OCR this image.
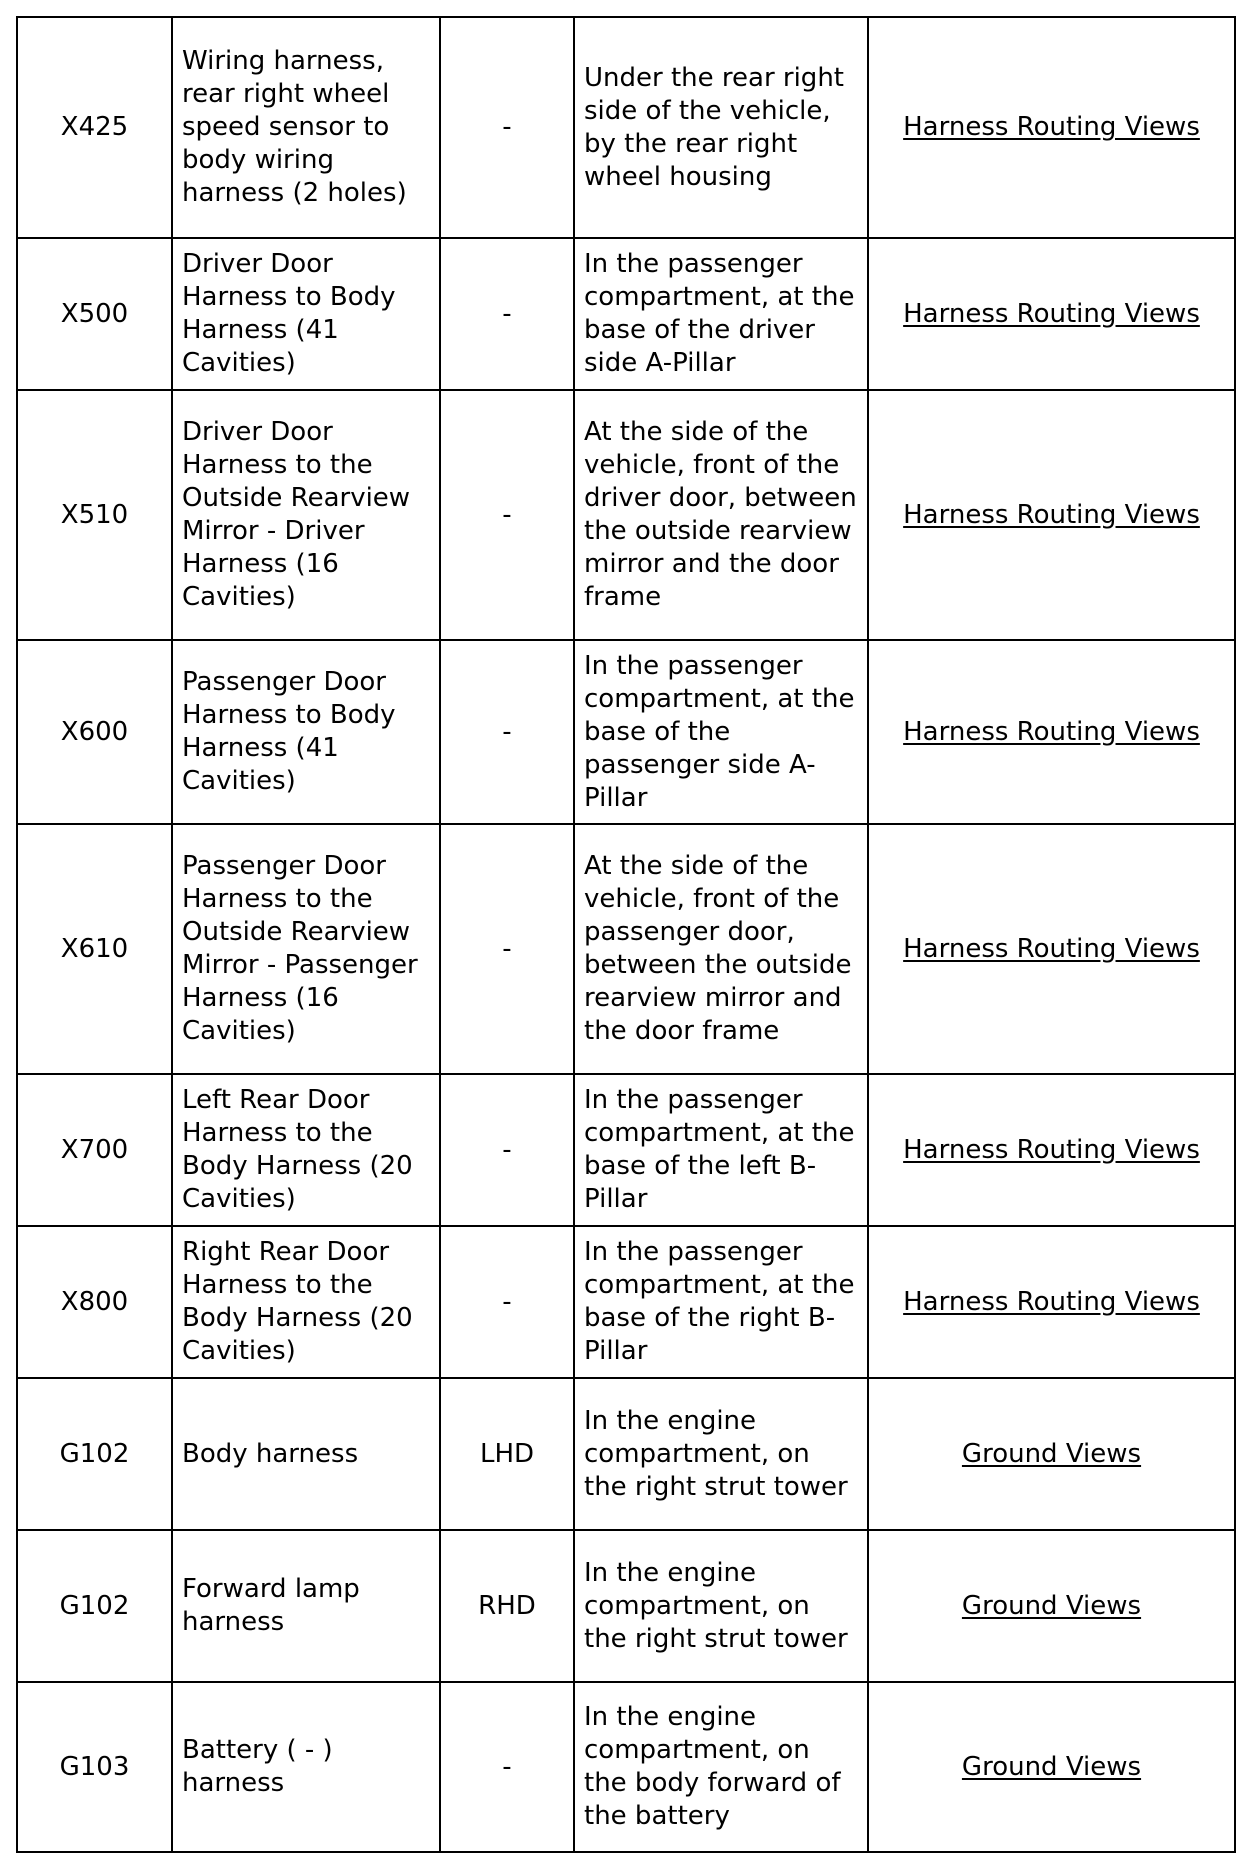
X425	Wiring harness, rear right wheel speed sensor to body wiring harness (2 holes)	-	Under the rear right side of the vehicle, by the rear right wheel housing	Harness Routing Views
X500	Driver Door Harness to Body Harness (41 Cavities)	-	In the passenger compartment, at the base of the driver side A-Pillar	Harness Routing Views
X510	Driver Door Harness to the Outside Rearview Mirror - Driver Harness (16 Cavities)	-	At the side of the vehicle, front of the driver door, between the outside rearview mirror and the door frame	Harness Routing Views
X600	Passenger Door Harness to Body Harness (41 Cavities)	-	In the passenger compartment, at the base of the passenger side A-Pillar	Harness Routing Views
X610	Passenger Door Harness to the Outside Rearview Mirror - Passenger Harness (16 Cavities)	-	At the side of the vehicle, front of the passenger door, between the outside rearview mirror and the door frame	Harness Routing Views
X700	Left Rear Door Harness to the Body Harness (20 Cavities)	-	In the passenger compartment, at the base of the left B-Pillar	Harness Routing Views
X800	Right Rear Door Harness to the Body Harness (20 Cavities)	-	In the passenger compartment, at the base of the right B-Pillar	Harness Routing Views
G102	Body harness	LHD	In the engine compartment, on the right strut tower	Ground Views
G102	Forward lamp harness	RHD	In the engine compartment, on the right strut tower	Ground Views
G103	Battery ( - ) harness	-	In the engine compartment, on the body forward of the battery	Ground Views
